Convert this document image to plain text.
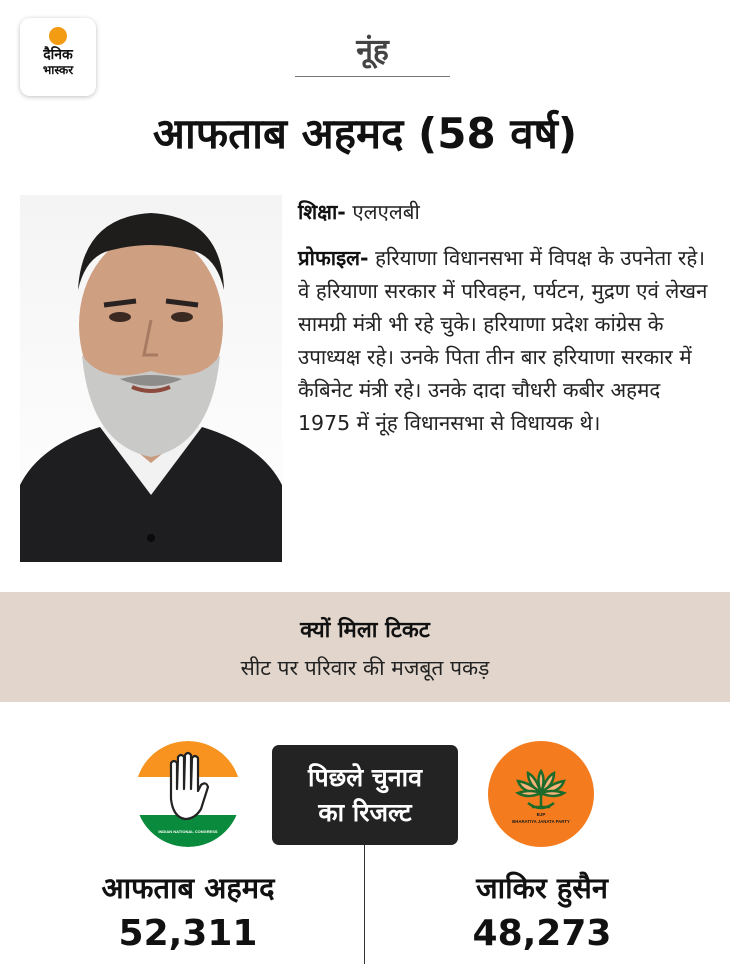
दैनिक
भास्कर
नूंह
आफताब अहमद (58 वर्ष)

शिक्षा- एलएलबी

प्रोफाइल- हरियाणा विधानसभा में विपक्ष के उपनेता रहे। वे हरियाणा सरकार में परिवहन, पर्यटन, मुद्रण एवं लेखन सामग्री मंत्री भी रहे चुके। हरियाणा प्रदेश कांग्रेस के उपाध्यक्ष रहे। उनके पिता तीन बार हरियाणा सरकार में कैबिनेट मंत्री रहे। उनके दादा चौधरी कबीर अहमद 1975 में नूंह विधानसभा से विधायक थे।

क्यों मिला टिकट
सीट पर परिवार की मजबूत पकड़
INDIAN NATIONAL CONGRESS
पिछले चुनाव
का रिजल्ट	BJP
BHARATIYA JANATA PARTY
आफताब अहमद
52,311
जाकिर हुसैन
48,273
